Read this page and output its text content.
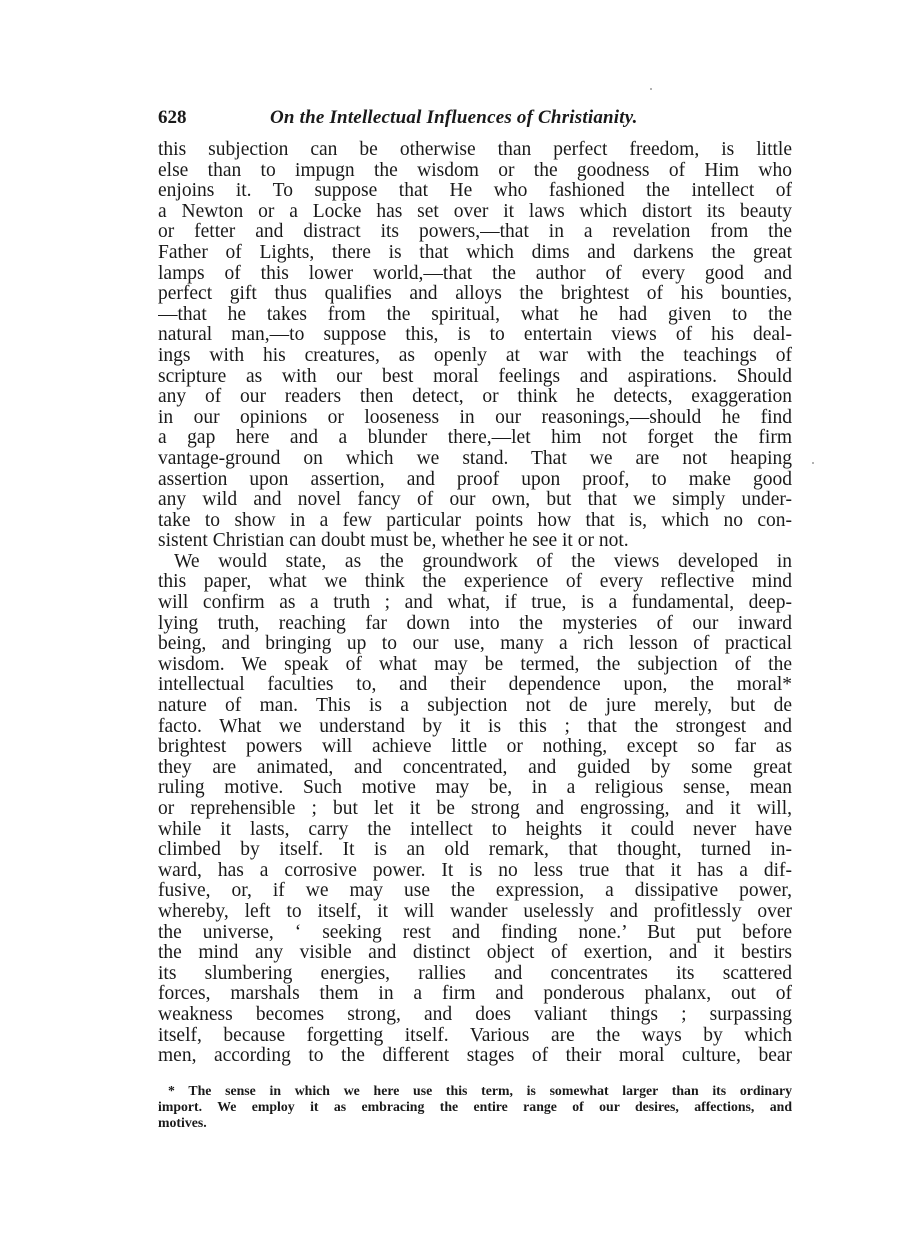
628	On the Intellectual Influences of Christianity.
this subjection can be otherwise than perfect freedom, is little
else than to impugn the wisdom or the goodness of Him who
enjoins it. To suppose that He who fashioned the intellect of
a Newton or a Locke has set over it laws which distort its beauty
or fetter and distract its powers,—that in a revelation from the
Father of Lights, there is that which dims and darkens the great
lamps of this lower world,—that the author of every good and
perfect gift thus qualifies and alloys the brightest of his bounties,
—that he takes from the spiritual, what he had given to the
natural man,—to suppose this, is to entertain views of his deal-
ings with his creatures, as openly at war with the teachings of
scripture as with our best moral feelings and aspirations. Should
any of our readers then detect, or think he detects, exaggeration
in our opinions or looseness in our reasonings,—should he find
a gap here and a blunder there,—let him not forget the firm
vantage-ground on which we stand. That we are not heaping
assertion upon assertion, and proof upon proof, to make good
any wild and novel fancy of our own, but that we simply under-
take to show in a few particular points how that is, which no con-
sistent Christian can doubt must be, whether he see it or not.
We would state, as the groundwork of the views developed in
this paper, what we think the experience of every reflective mind
will confirm as a truth ; and what, if true, is a fundamental, deep-
lying truth, reaching far down into the mysteries of our inward
being, and bringing up to our use, many a rich lesson of practical
wisdom. We speak of what may be termed, the subjection of the
intellectual faculties to, and their dependence upon, the moral*
nature of man. This is a subjection not de jure merely, but de
facto. What we understand by it is this ; that the strongest and
brightest powers will achieve little or nothing, except so far as
they are animated, and concentrated, and guided by some great
ruling motive. Such motive may be, in a religious sense, mean
or reprehensible ; but let it be strong and engrossing, and it will,
while it lasts, carry the intellect to heights it could never have
climbed by itself. It is an old remark, that thought, turned in-
ward, has a corrosive power. It is no less true that it has a dif-
fusive, or, if we may use the expression, a dissipative power,
whereby, left to itself, it will wander uselessly and profitlessly over
the universe, ‘ seeking rest and finding none.’ But put before
the mind any visible and distinct object of exertion, and it bestirs
its slumbering energies, rallies and concentrates its scattered
forces, marshals them in a firm and ponderous phalanx, out of
weakness becomes strong, and does valiant things ; surpassing
itself, because forgetting itself. Various are the ways by which
men, according to the different stages of their moral culture, bear
* The sense in which we here use this term, is somewhat larger than its ordinary
import. We employ it as embracing the entire range of our desires, affections, and
motives.
